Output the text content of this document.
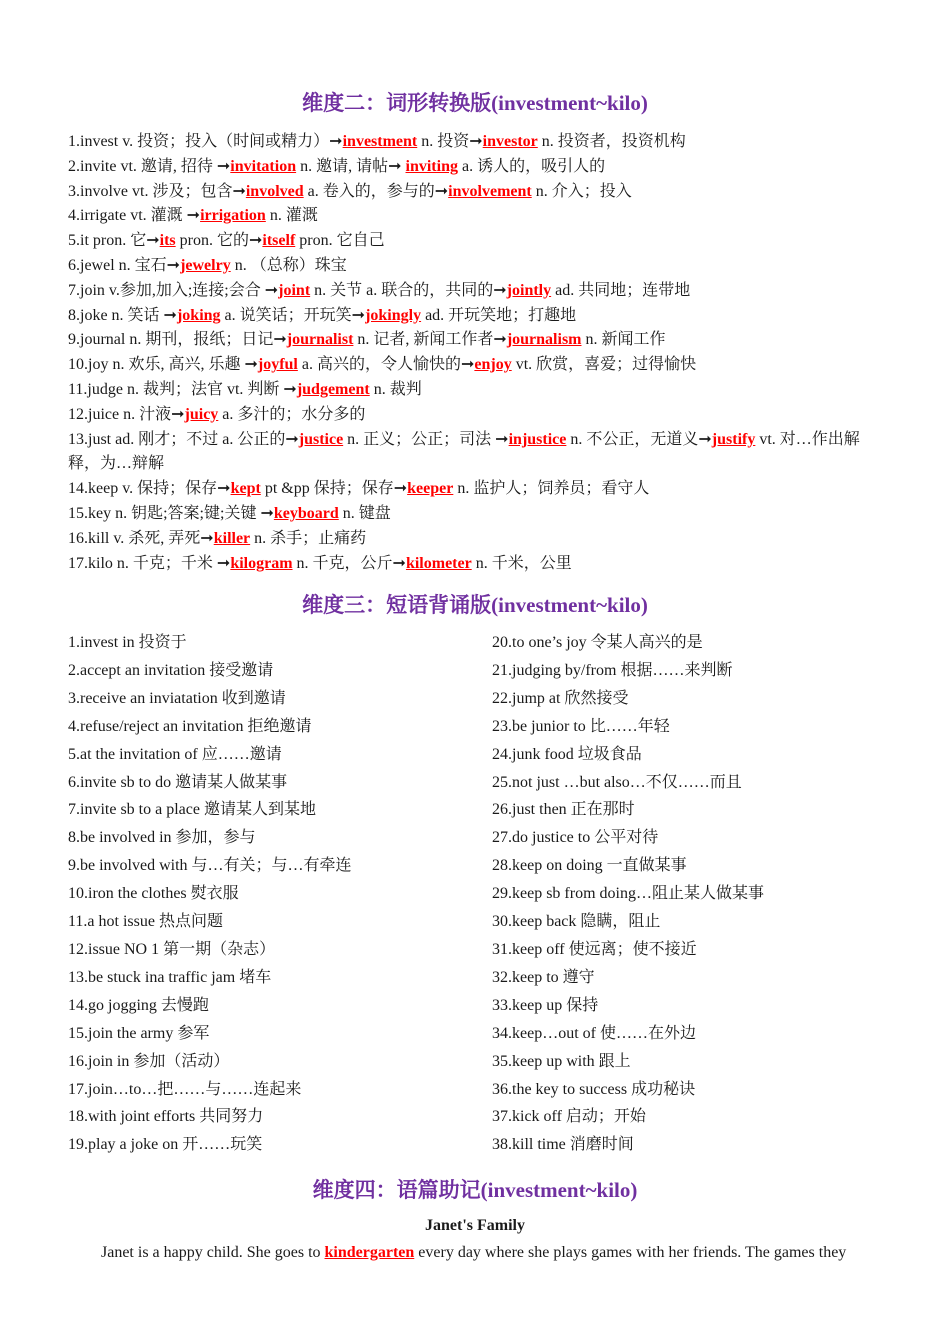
维度二：词形转换版(investment~kilo)
1.invest v. 投资；投入（时间或精力）➞investment n. 投资➞investor n. 投资者，投资机构
2.invite vt. 邀请, 招待 ➞invitation n. 邀请, 请帖➞ inviting a. 诱人的，吸引人的
3.involve vt. 涉及；包含➞involved a. 卷入的，参与的➞involvement n. 介入；投入
4.irrigate vt. 灌溉 ➞irrigation n. 灌溉
5.it pron. 它➞its pron. 它的➞itself pron. 它自己
6.jewel n. 宝石➞jewelry n. （总称）珠宝
7.join v.参加,加入;连接;会合 ➞joint n. 关节 a. 联合的，共同的➞jointly ad. 共同地；连带地
8.joke n. 笑话 ➞joking a. 说笑话；开玩笑➞jokingly ad. 开玩笑地；打趣地
9.journal n. 期刊，报纸；日记➞journalist n. 记者, 新闻工作者➞journalism n. 新闻工作
10.joy n. 欢乐, 高兴, 乐趣 ➞joyful a. 高兴的，令人愉快的➞enjoy vt. 欣赏，喜爱；过得愉快
11.judge n. 裁判；法官 vt. 判断 ➞judgement n. 裁判
12.juice n. 汁液➞juicy a. 多汁的；水分多的
13.just ad. 刚才；不过 a. 公正的➞justice n. 正义；公正；司法 ➞injustice n. 不公正，无道义➞justify vt. 对…作出解释，为…辩解
14.keep v. 保持；保存➞kept pt &pp 保持；保存➞keeper n. 监护人；饲养员；看守人
15.key n. 钥匙;答案;键;关键 ➞keyboard n. 键盘
16.kill v. 杀死, 弄死➞killer n. 杀手；止痛药
17.kilo n. 千克；千米 ➞kilogram n. 千克，公斤➞kilometer n. 千米，公里
维度三：短语背诵版(investment~kilo)
1.invest in 投资于
2.accept an invitation 接受邀请
3.receive an inviatation 收到邀请
4.refuse/reject an invitation 拒绝邀请
5.at the invitation of 应……邀请
6.invite sb to do 邀请某人做某事
7.invite sb to a place 邀请某人到某地
8.be involved in 参加，参与
9.be involved with 与…有关；与…有牵连
10.iron the clothes 熨衣服
11.a hot issue 热点问题
12.issue NO 1 第一期（杂志）
13.be stuck ina traffic jam 堵车
14.go jogging 去慢跑
15.join the army 参军
16.join in 参加（活动）
17.join…to…把……与……连起来
18.with joint efforts 共同努力
19.play a joke on 开……玩笑
20.to one’s joy 令某人高兴的是
21.judging by/from 根据……来判断
22.jump at 欣然接受
23.be junior to 比……年轻
24.junk food 垃圾食品
25.not just …but also…不仅……而且
26.just then 正在那时
27.do justice to 公平对待
28.keep on doing 一直做某事
29.keep sb from doing…阻止某人做某事
30.keep back 隐瞒，阻止
31.keep off 使远离；使不接近
32.keep to 遵守
33.keep up 保持
34.keep…out of 使……在外边
35.keep up with 跟上
36.the key to success 成功秘诀
37.kick off 启动；开始
38.kill time 消磨时间
维度四：语篇助记(investment~kilo)
Janet's Family
Janet is a happy child. She goes to kindergarten every day where she plays games with her friends. The games they
